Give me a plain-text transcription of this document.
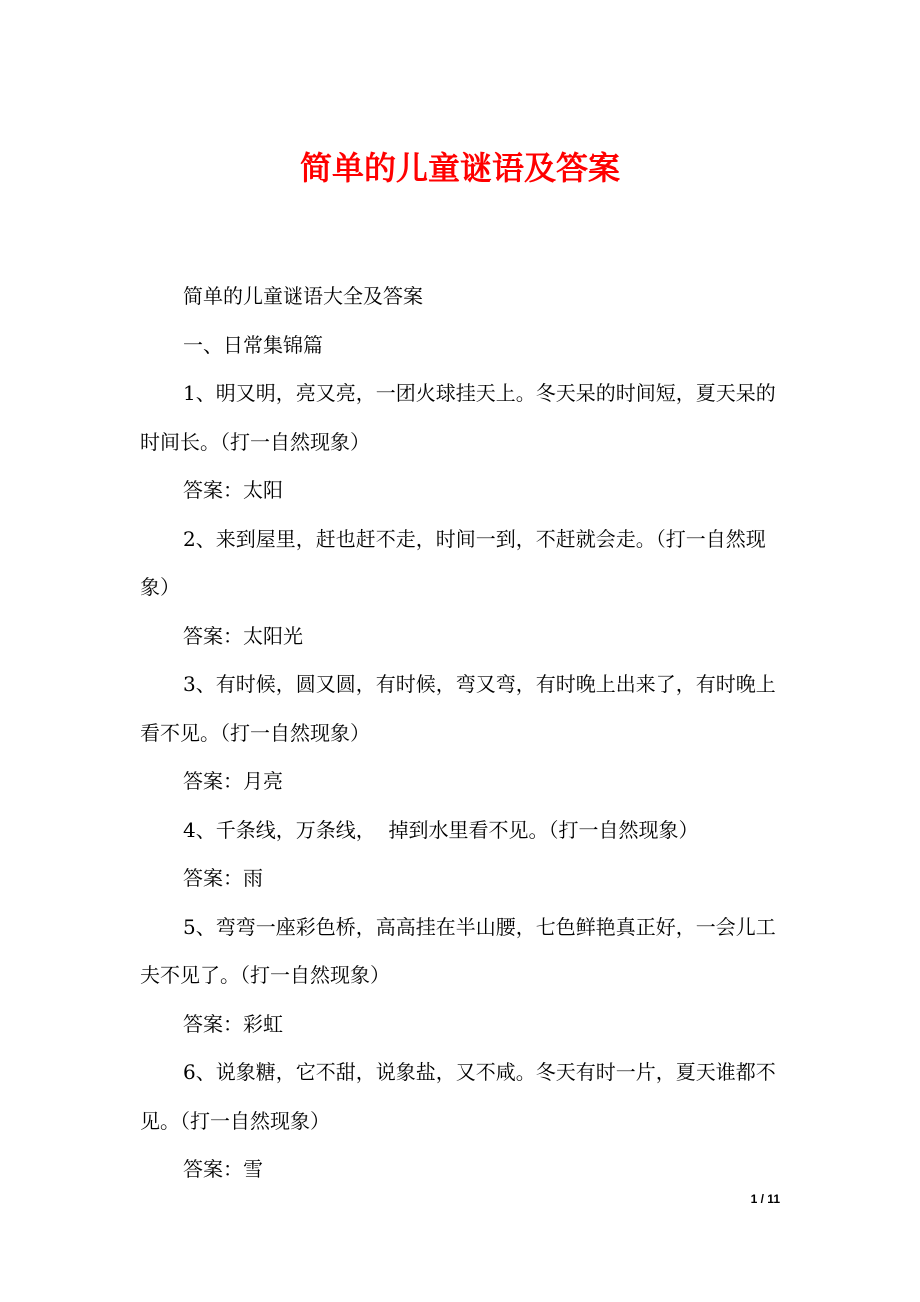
简单的儿童谜语及答案

简单的儿童谜语大全及答案

一、日常集锦篇

1、明又明，亮又亮，一团火球挂天上。冬天呆的时间短，夏天呆的时间长。（打一自然现象）

答案：太阳

2、来到屋里，赶也赶不走，时间一到，不赶就会走。（打一自然现象）

答案：太阳光

3、有时候，圆又圆，有时候，弯又弯，有时晚上出来了，有时晚上看不见。（打一自然现象）

答案：月亮

4、千条线，万条线，  掉到水里看不见。（打一自然现象）

答案：雨

5、弯弯一座彩色桥，高高挂在半山腰，七色鲜艳真正好，一会儿工夫不见了。（打一自然现象）

答案：彩虹

6、说象糖，它不甜，说象盐，又不咸。冬天有时一片，夏天谁都不见。（打一自然现象）

答案：雪

1 / 11
